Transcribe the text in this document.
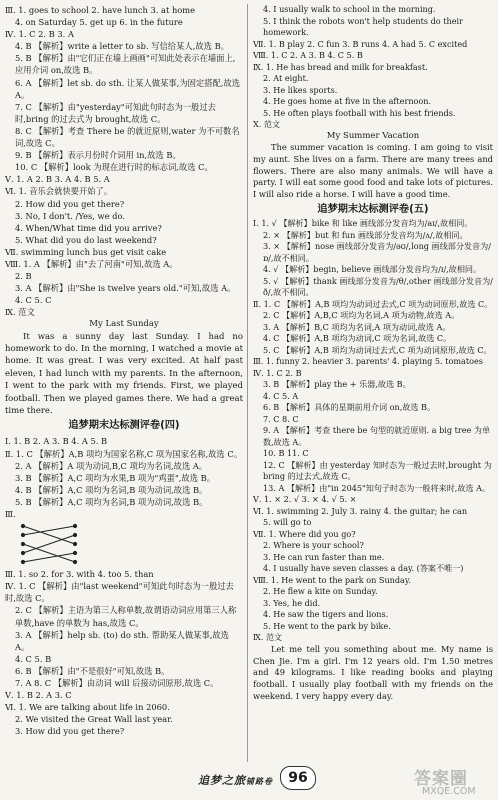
Ⅲ. 1. goes to school 2. have lunch 3. at home
4. on Saturday 5. get up 6. in the future
Ⅳ. 1. C 2. B 3. A
4. B 【解析】write a letter to sb. 写信给某人,故选 B。
5. B 【解析】由"它们正在墙上画画"可知此处表示在墙面上,应用介词 on,故选 B。
6. A 【解析】let sb. do sth. 让某人做某事,为固定搭配,故选 A。
7. C 【解析】由"yesterday"可知此句时态为一般过去时,bring 的过去式为 brought,故选 C。
8. C 【解析】考查 There be 的就近原则,water 为不可数名词,故选 C。
9. B 【解析】表示月份时介词用 in,故选 B。
10. C 【解析】look 为现在进行时的标志词,故选 C。
Ⅴ. 1. A 2. B 3. A 4. B 5. A
Ⅵ. 1. 音乐会就快要开始了。
2. How did you get there?
3. No, I don't. /Yes, we do.
4. When/What time did you arrive?
5. What did you do last weekend?
Ⅶ. swimming lunch bus get visit cake
Ⅷ. 1. A 【解析】由"去了河南"可知,故选 A。
2. B
3. A 【解析】由"She is twelve years old."可知,故选 A。
4. C 5. C
Ⅸ. 范文
My Last Sunday
It was a sunny day last Sunday. I had no homework to do. In the morning, I watched a movie at home. It was great. I was very excited. At half past eleven, I had lunch with my parents. In the afternoon, I went to the park with my friends. First, we played football. Then we played games there. We had a great time there.
追梦期末达标测评卷(四)
Ⅰ. 1. B 2. A 3. B 4. A 5. B
Ⅱ. 1. C 【解析】A,B 项均为国家名称,C 项为国家名称,故选 C。
2. A 【解析】A 项为动词,B,C 项均为名词,故选 A。
3. B 【解析】A,C 项均为水果,B 项为"鸡蛋",故选 B。
4. B 【解析】A,C 项均为名词,B 项为动词,故选 B。
5. B 【解析】A,C 项均为名词,B 项为动词,故选 B。
Ⅲ.
Ⅲ. 1. so 2. for 3. with 4. too 5. than
Ⅳ. 1. C 【解析】由"last weekend"可知此句时态为一般过去时,故选 C。
2. C 【解析】主语为第三人称单数,故谓语动词应用第三人称单数,have 的单数为 has,故选 C。
3. A 【解析】help sb. (to) do sth. 帮助某人做某事,故选 A。
4. C 5. B
6. B 【解析】由"不是很好"可知,故选 B。
7. A 8. C 【解析】由动词 will 后接动词原形,故选 C。
Ⅴ. 1. B 2. A 3. C
Ⅵ. 1. We are talking about life in 2060.
2. We visited the Great Wall last year.
3. How did you get there?
4. I usually walk to school in the morning.
5. I think the robots won't help students do their homework.
Ⅶ. 1. B play 2. C fun 3. B runs 4. A had 5. C excited
Ⅷ. 1. C 2. A 3. B 4. C 5. B
Ⅸ. 1. He has bread and milk for breakfast.
2. At eight.
3. He likes sports.
4. He goes home at five in the afternoon.
5. He often plays football with his best friends.
Ⅹ. 范文
My Summer Vacation
The summer vacation is coming. I am going to visit my aunt. She lives on a farm. There are many trees and flowers. There are also many animals. We will have a party. I will eat some good food and take lots of pictures. I will also ride a horse. I will have a good time.
追梦期末达标测评卷(五)
Ⅰ. 1. √ 【解析】bike 和 like 画线部分发音均为/aɪ/,故相同。
2. × 【解析】but 和 fun 画线部分发音均为/ʌ/,故相同。
3. × 【解析】nose 画线部分发音为/əʊ/,long 画线部分发音为/ɒ/,故不相同。
4. √ 【解析】begin, believe 画线部分发音均为/ɪ/,故相同。
5. √ 【解析】thank 画线部分发音为/θ/,other 画线部分发音为/ð/,故不相同。
Ⅱ. 1. C 【解析】A,B 项均为动词过去式,C 项为动词原形,故选 C。
2. C 【解析】A,B,C 项均为名词,A 项为动物,故选 A。
3. A 【解析】B,C 项均为名词,A 项为动词,故选 A。
4. C 【解析】A,B 项均为动词,C 项为名词,故选 C。
5. C 【解析】A,B 项均为动词过去式,C 项为动词原形,故选 C。
Ⅲ. 1. funny 2. heavier 3. parents' 4. playing 5. tomatoes
Ⅳ. 1. C 2. B
3. B 【解析】play the + 乐器,故选 B。
4. C 5. A
6. B 【解析】具体的星期前用介词 on,故选 B。
7. C 8. C
9. A 【解析】考查 there be 句型的就近原则. a big tree 为单数,故选 A。
10. B 11. C
12. C 【解析】由 yesterday 知时态为一般过去时,brought 为 bring 的过去式,故选 C。
13. A 【解析】由"in 2045"知句子时态为一般将来时,故选 A。
Ⅴ. 1. × 2. √ 3. × 4. √ 5. ×
Ⅵ. 1. swimming 2. July 3. rainy 4. the guitar; he can
5. will go to
Ⅶ. 1. Where did you go?
2. Where is your school?
3. He can run faster than me.
4. I usually have seven classes a day. (答案不唯一)
Ⅷ. 1. He went to the park on Sunday.
2. He flew a kite on Sunday.
3. Yes, he did.
4. He saw the tigers and lions.
5. He went to the park by bike.
Ⅸ. 范文
Let me tell you something about me. My name is Chen Jie. I'm a girl. I'm 12 years old. I'm 1.50 metres and 49 kilograms. I like reading books and playing football. I usually play football with my friends on the weekend. I very happy every day.
追梦之旅铺路卷	96	答案圈
MXQE.COM
